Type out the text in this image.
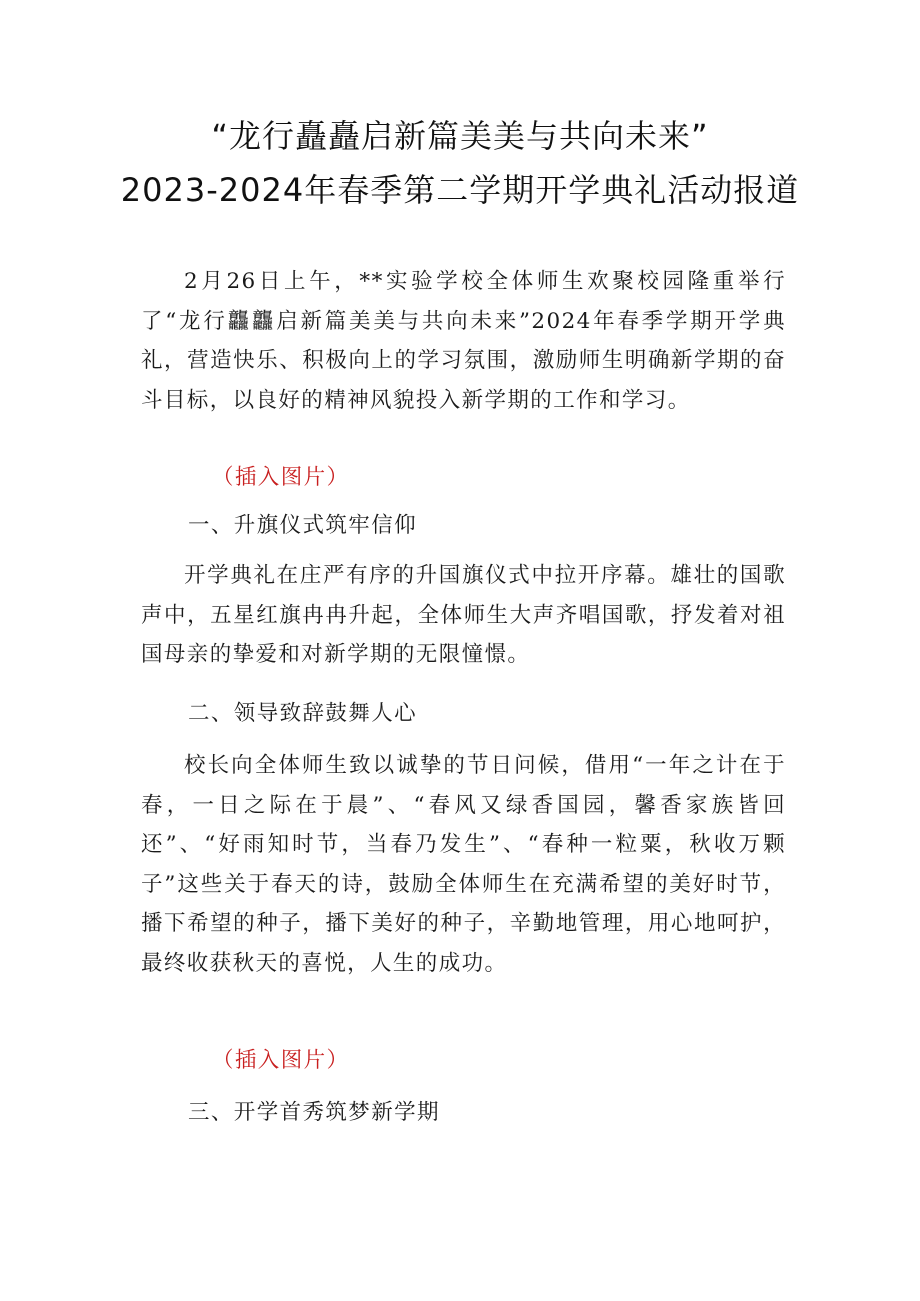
“龙行矗矗启新篇美美与共向未来”
2023-2024年春季第二学期开学典礼活动报道

2月26日上午，**实验学校全体师生欢聚校园隆重举行了“龙行龘龘启新篇美美与共向未来”2024年春季学期开学典礼，营造快乐、积极向上的学习氛围，激励师生明确新学期的奋斗目标，以良好的精神风貌投入新学期的工作和学习。

（插入图片）

一、升旗仪式筑牢信仰

开学典礼在庄严有序的升国旗仪式中拉开序幕。雄壮的国歌声中，五星红旗冉冉升起，全体师生大声齐唱国歌，抒发着对祖国母亲的挚爱和对新学期的无限憧憬。

二、领导致辞鼓舞人心

校长向全体师生致以诚挚的节日问候，借用“一年之计在于春，一日之际在于晨”、“春风又绿香国园，馨香家族皆回还”、“好雨知时节，当春乃发生”、“春种一粒粟，秋收万颗子”这些关于春天的诗，鼓励全体师生在充满希望的美好时节，播下希望的种子，播下美好的种子，辛勤地管理，用心地呵护，最终收获秋天的喜悦，人生的成功。

（插入图片）

三、开学首秀筑梦新学期
